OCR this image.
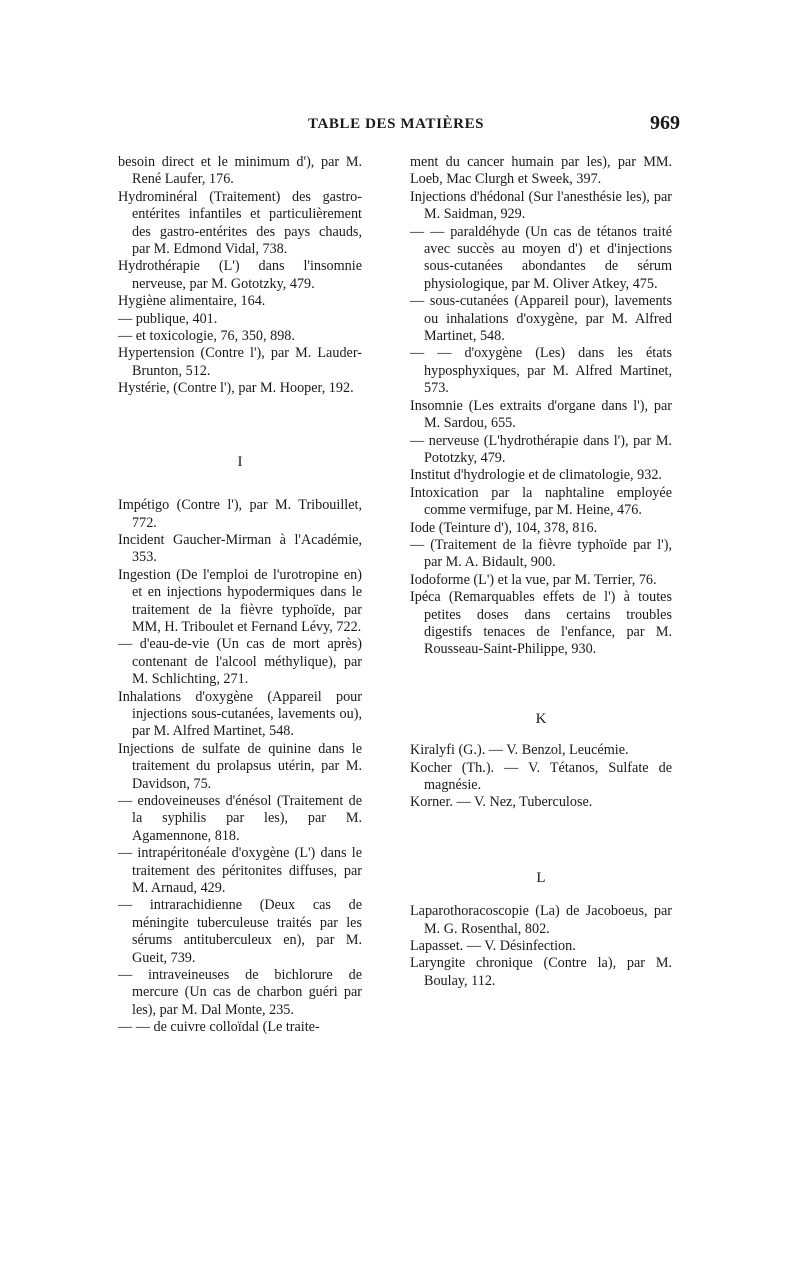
TABLE DES MATIÈRES	969

besoin direct et le minimum d'), par M. René Laufer, 176.

Hydrominéral (Traitement) des gastro-entérites infantiles et particulièrement des gastro-entérites des pays chauds, par M. Edmond Vidal, 738.

Hydrothérapie (L') dans l'insomnie nerveuse, par M. Gototzky, 479.

Hygiène alimentaire, 164.

— publique, 401.

— et toxicologie, 76, 350, 898.

Hypertension (Contre l'), par M. Lauder-Brunton, 512.

Hystérie, (Contre l'), par M. Hooper, 192.

I

Impétigo (Contre l'), par M. Tribouillet, 772.

Incident Gaucher-Mirman à l'Académie, 353.

Ingestion (De l'emploi de l'urotropine en) et en injections hypodermiques dans le traitement de la fièvre typhoïde, par MM, H. Triboulet et Fernand Lévy, 722.

— d'eau-de-vie (Un cas de mort après) contenant de l'alcool méthylique), par M. Schlichting, 271.

Inhalations d'oxygène (Appareil pour injections sous-cutanées, lavements ou), par M. Alfred Martinet, 548.

Injections de sulfate de quinine dans le traitement du prolapsus utérin, par M. Davidson, 75.

— endoveineuses d'énésol (Traitement de la syphilis par les), par M. Agamennone, 818.

— intrapéritonéale d'oxygène (L') dans le traitement des péritonites diffuses, par M. Arnaud, 429.

— intrarachidienne (Deux cas de méningite tuberculeuse traités par les sérums antituberculeux en), par M. Gueit, 739.

— intraveineuses de bichlorure de mercure (Un cas de charbon guéri par les), par M. Dal Monte, 235.

— — de cuivre colloïdal (Le traite-

ment du cancer humain par les), par MM. Loeb, Mac Clurgh et Sweek, 397.

Injections d'hédonal (Sur l'anesthésie les), par M. Saidman, 929.

— — paraldéhyde (Un cas de tétanos traité avec succès au moyen d') et d'injections sous-cutanées abondantes de sérum physiologique, par M. Oliver Atkey, 475.

— sous-cutanées (Appareil pour), lavements ou inhalations d'oxygène, par M. Alfred Martinet, 548.

— — d'oxygène (Les) dans les états hyposphyxiques, par M. Alfred Martinet, 573.

Insomnie (Les extraits d'organe dans l'), par M. Sardou, 655.

— nerveuse (L'hydrothérapie dans l'), par M. Pototzky, 479.

Institut d'hydrologie et de climatologie, 932.

Intoxication par la naphtaline employée comme vermifuge, par M. Heine, 476.

Iode (Teinture d'), 104, 378, 816.

— (Traitement de la fièvre typhoïde par l'), par M. A. Bidault, 900.

Iodoforme (L') et la vue, par M. Terrier, 76.

Ipéca (Remarquables effets de l') à toutes petites doses dans certains troubles digestifs tenaces de l'enfance, par M. Rousseau-Saint-Philippe, 930.

K

Kiralyfi (G.). — V. Benzol, Leucémie.

Kocher (Th.). — V. Tétanos, Sulfate de magnésie.

Korner. — V. Nez, Tuberculose.

L

Laparothoracoscopie (La) de Jacoboeus, par M. G. Rosenthal, 802.

Lapasset. — V. Désinfection.

Laryngite chronique (Contre la), par M. Boulay, 112.
